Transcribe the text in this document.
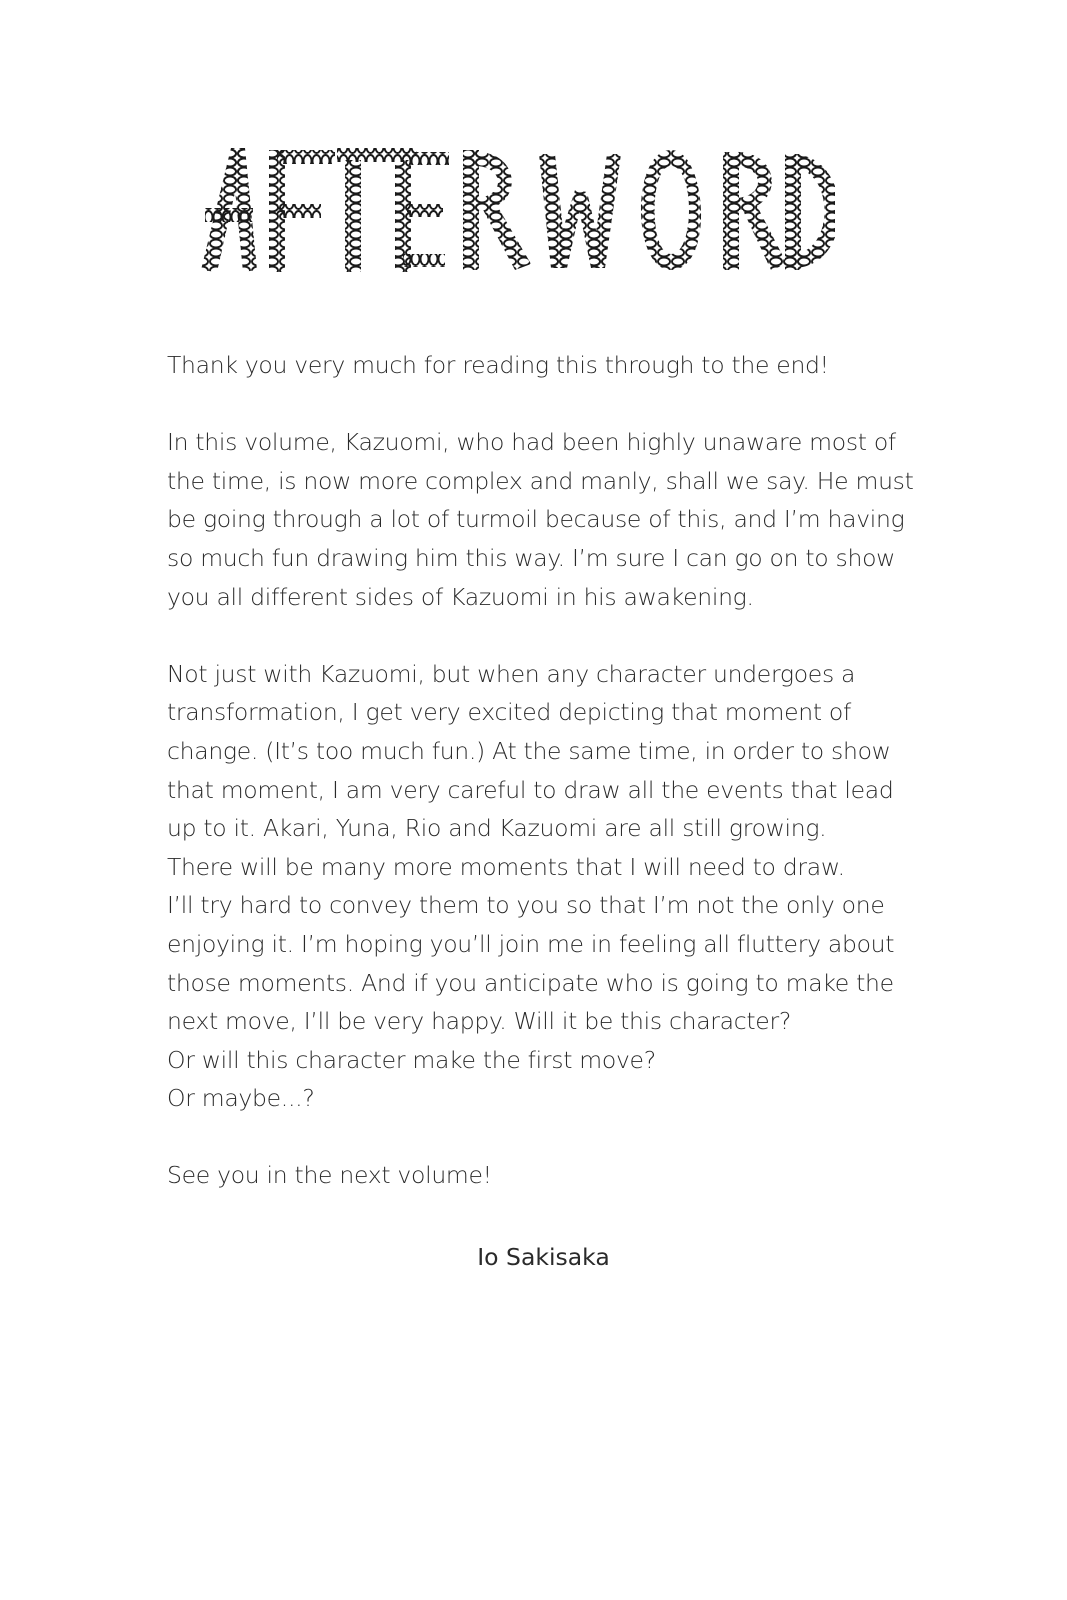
Thank you very much for reading this through to the end!

In this volume, Kazuomi, who had been highly unaware most of
the time, is now more complex and manly, shall we say. He must
be going through a lot of turmoil because of this, and I’m having
so much fun drawing him this way. I’m sure I can go on to show
you all different sides of Kazuomi in his awakening.

Not just with Kazuomi, but when any character undergoes a
transformation, I get very excited depicting that moment of
change. (It’s too much fun.) At the same time, in order to show
that moment, I am very careful to draw all the events that lead
up to it. Akari, Yuna, Rio and Kazuomi are all still growing.
There will be many more moments that I will need to draw.
I’ll try hard to convey them to you so that I’m not the only one
enjoying it. I’m hoping you’ll join me in feeling all fluttery about
those moments. And if you anticipate who is going to make the
next move, I’ll be very happy. Will it be this character?
Or will this character make the first move?
Or maybe...?

See you in the next volume!

Io Sakisaka
